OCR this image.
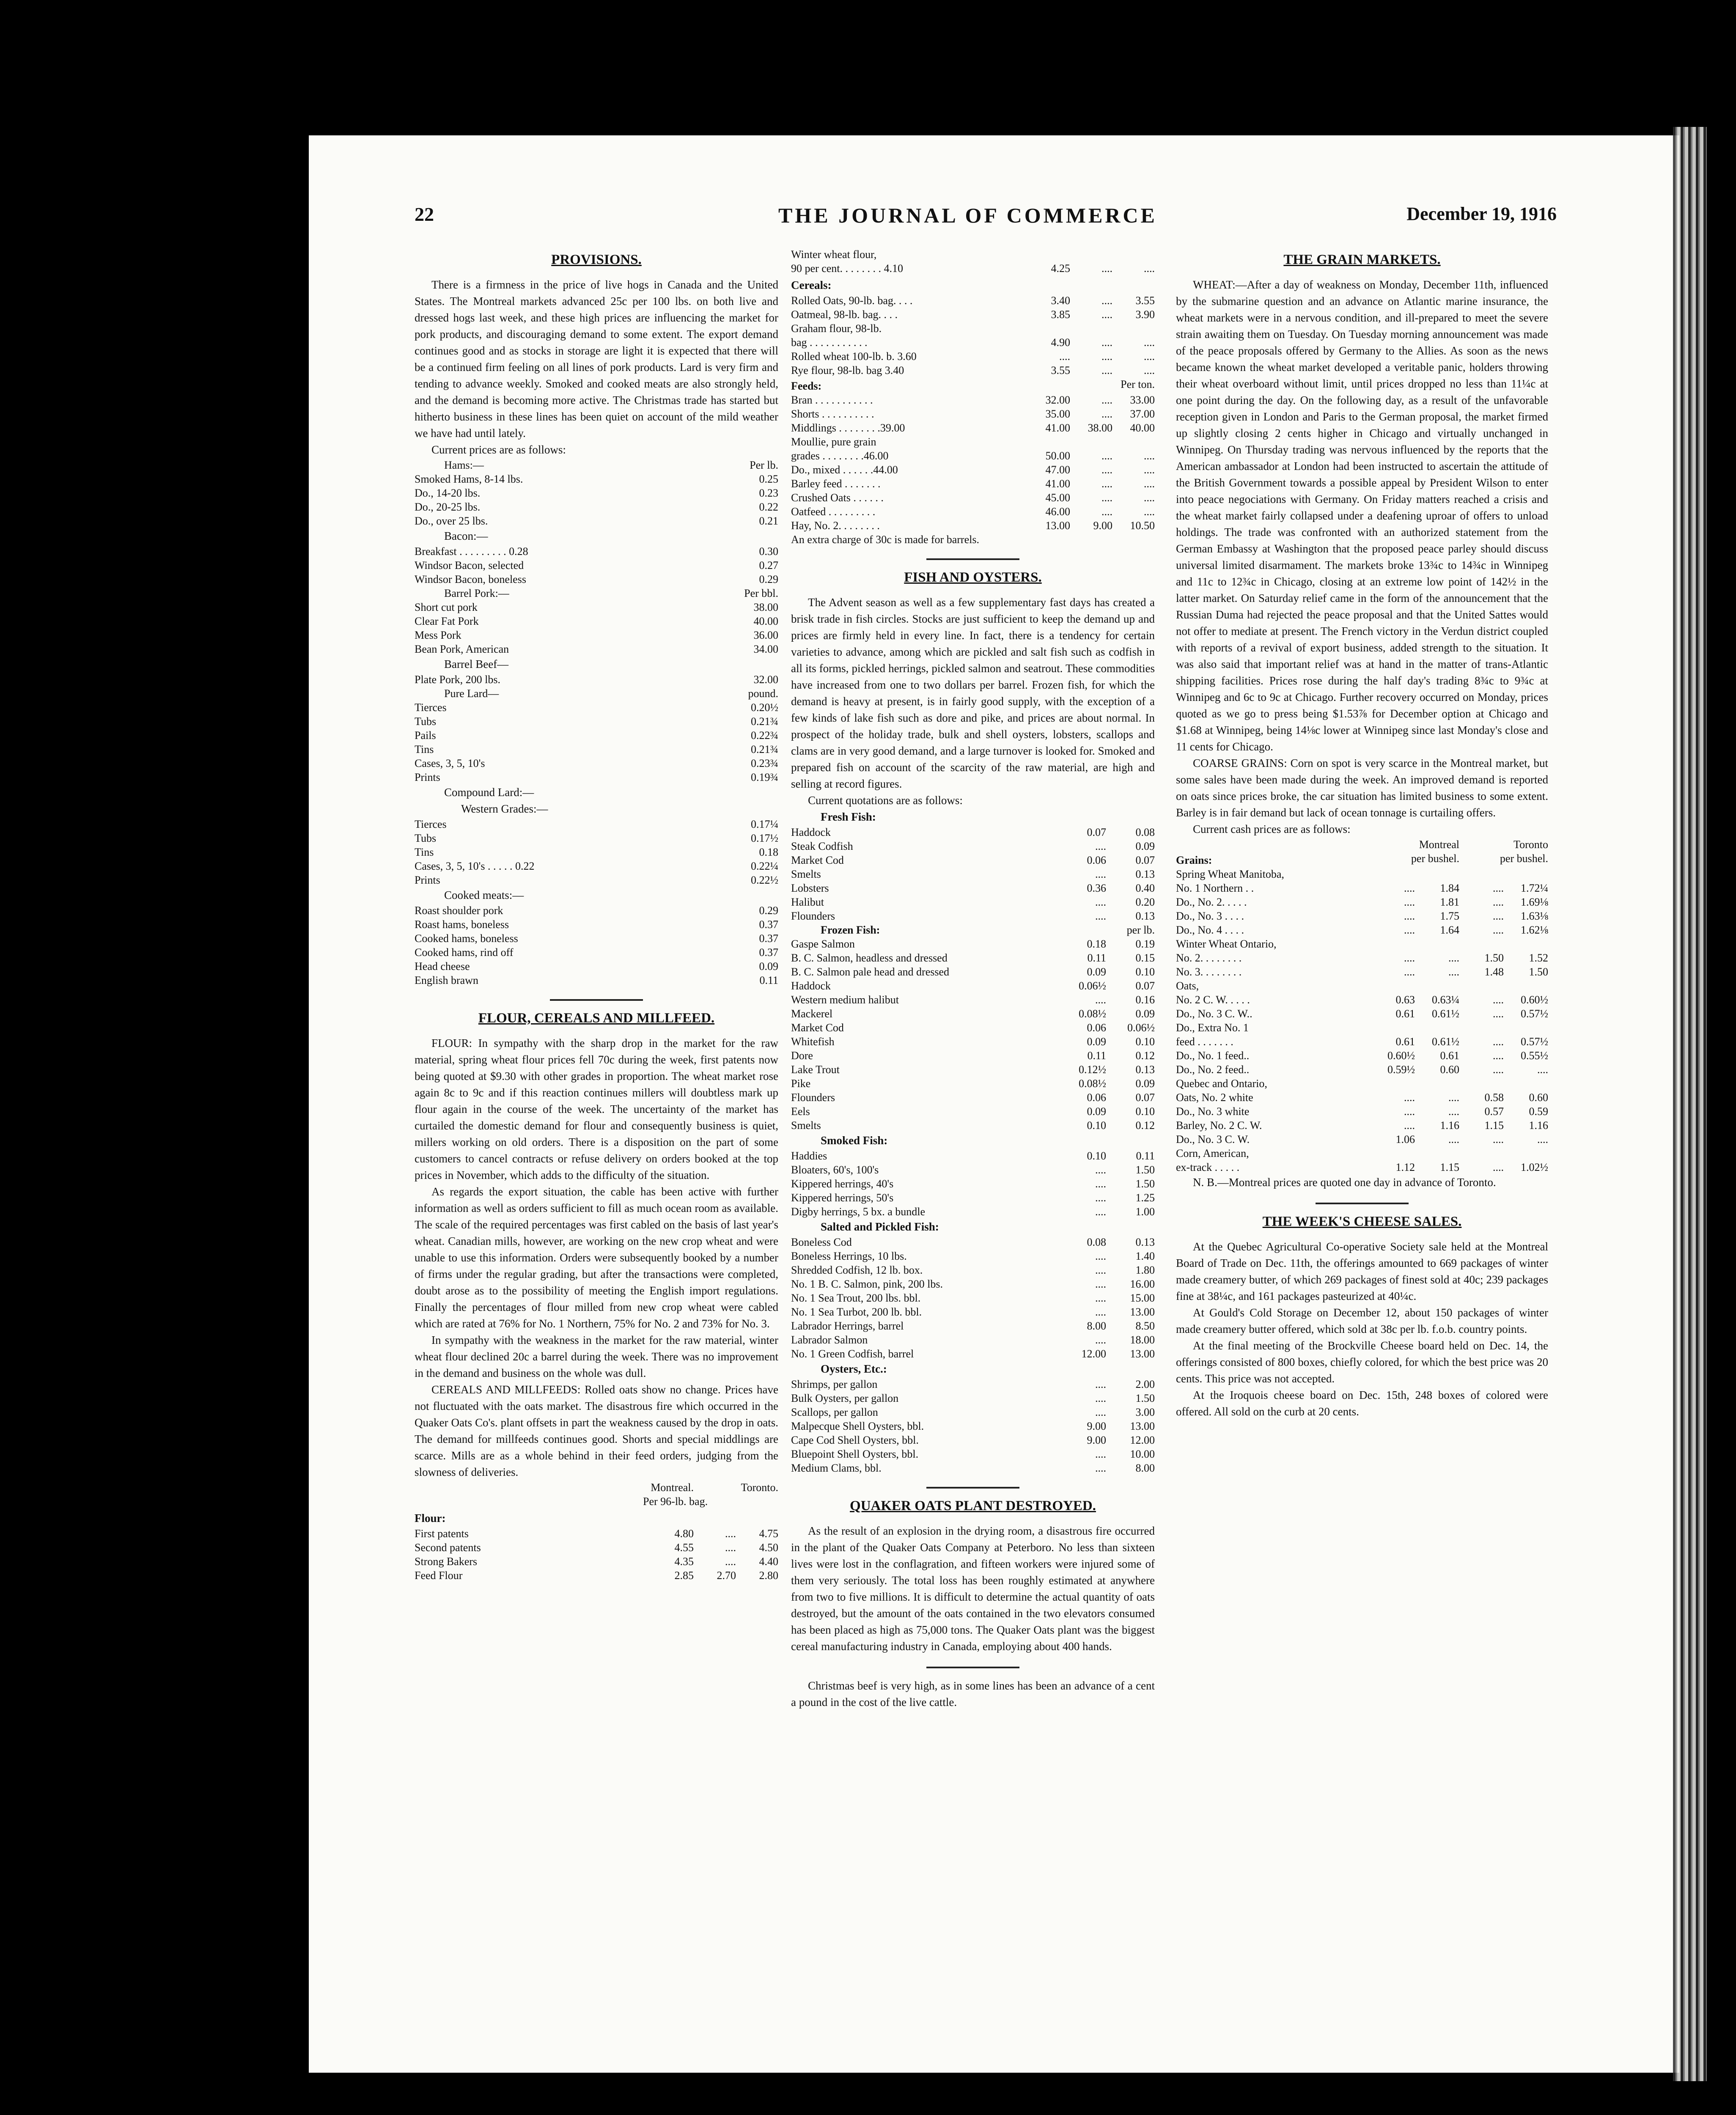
22	THE JOURNAL OF COMMERCE	December 19, 1916
PROVISIONS.

There is a firmness in the price of live hogs in Canada and the United States. The Montreal markets advanced 25c per 100 lbs. on both live and dressed hogs last week, and these high prices are influencing the market for pork products, and discouraging demand to some extent. The export demand continues good and as stocks in storage are light it is expected that there will be a continued firm feeling on all lines of pork products. Lard is very firm and tending to advance weekly. Smoked and cooked meats are also strongly held, and the demand is becoming more active. The Christmas trade has started but hitherto business in these lines has been quiet on account of the mild weather we have had until lately.

Current prices are as follows:

Hams:—	Per lb.
Smoked Hams, 8-14 lbs.	0.25
Do., 14-20 lbs.	0.23
Do., 20-25 lbs.	0.22
Do., over 25 lbs.	0.21
Bacon:—
Breakfast . . . . . . . . . 0.28	0.30
Windsor Bacon, selected	0.27
Windsor Bacon, boneless	0.29
Barrel Pork:—	Per bbl.
Short cut pork	38.00
Clear Fat Pork	40.00
Mess Pork	36.00
Bean Pork, American	34.00
Barrel Beef—
Plate Pork, 200 lbs.	32.00
Pure Lard—	pound.
Tierces	0.20½
Tubs	0.21¾
Pails	0.22¾
Tins	0.21¾
Cases, 3, 5, 10's	0.23¾
Prints	0.19¾
Compound Lard:—
Western Grades:—
Tierces	0.17¼
Tubs	0.17½
Tins	0.18
Cases, 3, 5, 10's . . . . . 0.22	0.22¼
Prints	0.22½
Cooked meats:—
Roast shoulder pork	0.29
Roast hams, boneless	0.37
Cooked hams, boneless	0.37
Cooked hams, rind off	0.37
Head cheese	0.09
English brawn	0.11
FLOUR, CEREALS AND MILLFEED.

FLOUR: In sympathy with the sharp drop in the market for the raw material, spring wheat flour prices fell 70c during the week, first patents now being quoted at $9.30 with other grades in proportion. The wheat market rose again 8c to 9c and if this reaction continues millers will doubtless mark up flour again in the course of the week. The uncertainty of the market has curtailed the domestic demand for flour and consequently business is quiet, millers working on old orders. There is a disposition on the part of some customers to cancel contracts or refuse delivery on orders booked at the top prices in November, which adds to the difficulty of the situation.

As regards the export situation, the cable has been active with further information as well as orders sufficient to fill as much ocean room as available. The scale of the required percentages was first cabled on the basis of last year's wheat. Canadian mills, however, are working on the new crop wheat and were unable to use this information. Orders were subsequently booked by a number of firms under the regular grading, but after the transactions were completed, doubt arose as to the possibility of meeting the English import regulations. Finally the percentages of flour milled from new crop wheat were cabled which are rated at 76% for No. 1 Northern, 75% for No. 2 and 73% for No. 3.

In sympathy with the weakness in the market for the raw material, winter wheat flour declined 20c a barrel during the week. There was no improvement in the demand and business on the whole was dull.

CEREALS AND MILLFEEDS: Rolled oats show no change. Prices have not fluctuated with the oats market. The disastrous fire which occurred in the Quaker Oats Co's. plant offsets in part the weakness caused by the drop in oats. The demand for millfeeds continues good. Shorts and special middlings are scarce. Mills are as a whole behind in their feed orders, judging from the slowness of deliveries.

Montreal.	Toronto.
Per 96-lb. bag.
Flour:
First patents	4.80	....	4.75
Second patents	4.55	....	4.50
Strong Bakers	4.35	....	4.40
Feed Flour	2.85	2.70	2.80
Winter wheat flour,
90 per cent. . . . . . . . 4.10	4.25	....	....
Cereals:
Rolled Oats, 90-lb. bag. . . .	3.40	....	3.55
Oatmeal, 98-lb. bag. . . .	3.85	....	3.90
Graham flour, 98-lb.
bag . . . . . . . . . . .	4.90	....	....
Rolled wheat 100-lb. b. 3.60	....	....	....
Rye flour, 98-lb. bag 3.40	3.55	....	....
Feeds:	Per ton.
Bran . . . . . . . . . . .	32.00	....	33.00
Shorts . . . . . . . . . .	35.00	....	37.00
Middlings . . . . . . . .39.00	41.00	38.00	40.00
Moullie, pure grain
grades . . . . . . . .46.00	50.00	....	....
Do., mixed . . . . . .44.00	47.00	....	....
Barley feed . . . . . . .	41.00	....	....
Crushed Oats . . . . . .	45.00	....	....
Oatfeed . . . . . . . . .	46.00	....	....
Hay, No. 2. . . . . . . .	13.00	9.00	10.50
An extra charge of 30c is made for barrels.
FISH AND OYSTERS.

The Advent season as well as a few supplementary fast days has created a brisk trade in fish circles. Stocks are just sufficient to keep the demand up and prices are firmly held in every line. In fact, there is a tendency for certain varieties to advance, among which are pickled and salt fish such as codfish in all its forms, pickled herrings, pickled salmon and seatrout. These commodities have increased from one to two dollars per barrel. Frozen fish, for which the demand is heavy at present, is in fairly good supply, with the exception of a few kinds of lake fish such as dore and pike, and prices are about normal. In prospect of the holiday trade, bulk and shell oysters, lobsters, scallops and clams are in very good demand, and a large turnover is looked for. Smoked and prepared fish on account of the scarcity of the raw material, are high and selling at record figures.

Current quotations are as follows:

Fresh Fish:
Haddock	0.07	0.08
Steak Codfish	....	0.09
Market Cod	0.06	0.07
Smelts	....	0.13
Lobsters	0.36	0.40
Halibut	....	0.20
Flounders	....	0.13
Frozen Fish:	per lb.
Gaspe Salmon	0.18	0.19
B. C. Salmon, headless and dressed	0.11	0.15
B. C. Salmon pale head and dressed	0.09	0.10
Haddock	0.06½	0.07
Western medium halibut	....	0.16
Mackerel	0.08½	0.09
Market Cod	0.06	0.06½
Whitefish	0.09	0.10
Dore	0.11	0.12
Lake Trout	0.12½	0.13
Pike	0.08½	0.09
Flounders	0.06	0.07
Eels	0.09	0.10
Smelts	0.10	0.12
Smoked Fish:
Haddies	0.10	0.11
Bloaters, 60's, 100's	....	1.50
Kippered herrings, 40's	....	1.50
Kippered herrings, 50's	....	1.25
Digby herrings, 5 bx. a bundle	....	1.00
Salted and Pickled Fish:
Boneless Cod	0.08	0.13
Boneless Herrings, 10 lbs.	....	1.40
Shredded Codfish, 12 lb. box.	....	1.80
No. 1 B. C. Salmon, pink, 200 lbs.	....	16.00
No. 1 Sea Trout, 200 lbs. bbl.	....	15.00
No. 1 Sea Turbot, 200 lb. bbl.	....	13.00
Labrador Herrings, barrel	8.00	8.50
Labrador Salmon	....	18.00
No. 1 Green Codfish, barrel	12.00	13.00
Oysters, Etc.:
Shrimps, per gallon	....	2.00
Bulk Oysters, per gallon	....	1.50
Scallops, per gallon	....	3.00
Malpecque Shell Oysters, bbl.	9.00	13.00
Cape Cod Shell Oysters, bbl.	9.00	12.00
Bluepoint Shell Oysters, bbl.	....	10.00
Medium Clams, bbl.	....	8.00
QUAKER OATS PLANT DESTROYED.

As the result of an explosion in the drying room, a disastrous fire occurred in the plant of the Quaker Oats Company at Peterboro. No less than sixteen lives were lost in the conflagration, and fifteen workers were injured some of them very seriously. The total loss has been roughly estimated at anywhere from two to five millions. It is difficult to determine the actual quantity of oats destroyed, but the amount of the oats contained in the two elevators consumed has been placed as high as 75,000 tons. The Quaker Oats plant was the biggest cereal manufacturing industry in Canada, employing about 400 hands.

Christmas beef is very high, as in some lines has been an advance of a cent a pound in the cost of the live cattle.

THE GRAIN MARKETS.

WHEAT:—After a day of weakness on Monday, December 11th, influenced by the submarine question and an advance on Atlantic marine insurance, the wheat markets were in a nervous condition, and ill-prepared to meet the severe strain awaiting them on Tuesday. On Tuesday morning announcement was made of the peace proposals offered by Germany to the Allies. As soon as the news became known the wheat market developed a veritable panic, holders throwing their wheat overboard without limit, until prices dropped no less than 11¼c at one point during the day. On the following day, as a result of the unfavorable reception given in London and Paris to the German proposal, the market firmed up slightly closing 2 cents higher in Chicago and virtually unchanged in Winnipeg. On Thursday trading was nervous influenced by the reports that the American ambassador at London had been instructed to ascertain the attitude of the British Government towards a possible appeal by President Wilson to enter into peace negociations with Germany. On Friday matters reached a crisis and the wheat market fairly collapsed under a deafening uproar of offers to unload holdings. The trade was confronted with an authorized statement from the German Embassy at Washington that the proposed peace parley should discuss universal limited disarmament. The markets broke 13¾c to 14¾c in Winnipeg and 11c to 12¾c in Chicago, closing at an extreme low point of 142½ in the latter market. On Saturday relief came in the form of the announcement that the Russian Duma had rejected the peace proposal and that the United Sattes would not offer to mediate at present. The French victory in the Verdun district coupled with reports of a revival of export business, added strength to the situation. It was also said that important relief was at hand in the matter of trans-Atlantic shipping facilities. Prices rose during the half day's trading 8¾c to 9¾c at Winnipeg and 6c to 9c at Chicago. Further recovery occurred on Monday, prices quoted as we go to press being $1.53⅞ for December option at Chicago and $1.68 at Winnipeg, being 14⅛c lower at Winnipeg since last Monday's close and 11 cents for Chicago.

COARSE GRAINS: Corn on spot is very scarce in the Montreal market, but some sales have been made during the week. An improved demand is reported on oats since prices broke, the car situation has limited business to some extent. Barley is in fair demand but lack of ocean tonnage is curtailing offers.

Current cash prices are as follows:

Montreal	Toronto
Grains:	per bushel.	per bushel.
Spring Wheat Manitoba,
No. 1 Northern . .	....	1.84	....	1.72¼
Do., No. 2. . . . .	....	1.81	....	1.69⅛
Do., No. 3 . . . .	....	1.75	....	1.63⅛
Do., No. 4 . . . .	....	1.64	....	1.62⅛
Winter Wheat Ontario,
No. 2. . . . . . . .	....	....	1.50	1.52
No. 3. . . . . . . .	....	....	1.48	1.50
Oats,
No. 2 C. W. . . . .	0.63	0.63¼	....	0.60½
Do., No. 3 C. W..	0.61	0.61½	....	0.57½
Do., Extra No. 1
feed . . . . . . .	0.61	0.61½	....	0.57½
Do., No. 1 feed..	0.60½	0.61	....	0.55½
Do., No. 2 feed..	0.59½	0.60	....	....
Quebec and Ontario,
Oats, No. 2 white	....	....	0.58	0.60
Do., No. 3 white	....	....	0.57	0.59
Barley, No. 2 C. W.	....	1.16	1.15	1.16
Do., No. 3 C. W.	1.06	....	....	....
Corn, American,
ex-track . . . . .	1.12	1.15	....	1.02½

N. B.—Montreal prices are quoted one day in advance of Toronto.

THE WEEK'S CHEESE SALES.

At the Quebec Agricultural Co-operative Society sale held at the Montreal Board of Trade on Dec. 11th, the offerings amounted to 669 packages of winter made creamery butter, of which 269 packages of finest sold at 40c; 239 packages fine at 38¼c, and 161 packages pasteurized at 40¼c.

At Gould's Cold Storage on December 12, about 150 packages of winter made creamery butter offered, which sold at 38c per lb. f.o.b. country points.

At the final meeting of the Brockville Cheese board held on Dec. 14, the offerings consisted of 800 boxes, chiefly colored, for which the best price was 20 cents. This price was not accepted.

At the Iroquois cheese board on Dec. 15th, 248 boxes of colored were offered. All sold on the curb at 20 cents.
